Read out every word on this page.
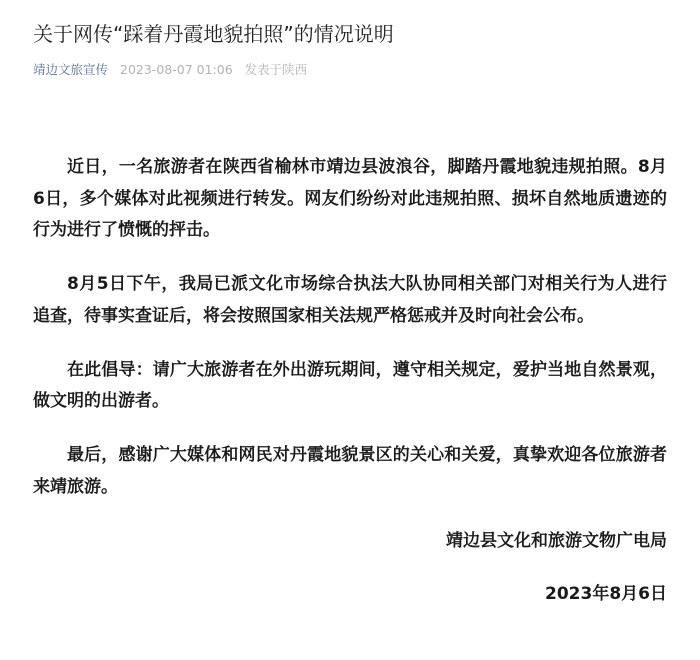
关于网传“踩着丹霞地貌拍照”的情况说明
靖边文旅宣传 2023-08-07 01:06 发表于陕西

近日，一名旅游者在陕西省榆林市靖边县波浪谷，脚踏丹霞地貌违规拍照。8月6日，多个媒体对此视频进行转发。网友们纷纷对此违规拍照、损坏自然地质遗迹的行为进行了愤慨的抨击。

8月5日下午，我局已派文化市场综合执法大队协同相关部门对相关行为人进行追查，待事实查证后，将会按照国家相关法规严格惩戒并及时向社会公布。

在此倡导：请广大旅游者在外出游玩期间，遵守相关规定，爱护当地自然景观，做文明的出游者。

最后，感谢广大媒体和网民对丹霞地貌景区的关心和关爱，真挚欢迎各位旅游者来靖旅游。

靖边县文化和旅游文物广电局

2023年8月6日
